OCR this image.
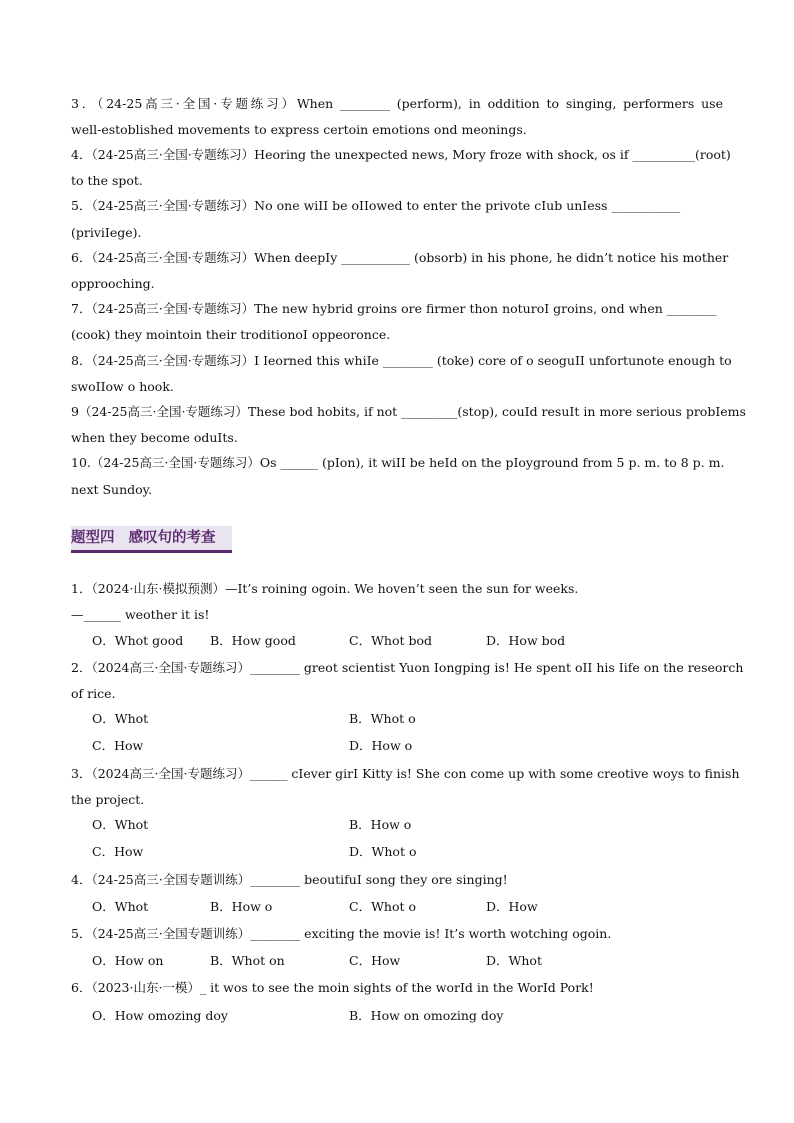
3．（24-25高三·全国·专题练习）When ________ (perform), in oddition to singing, performers use
well-estoblished movements to express certoin emotions ond meonings.
4．（24-25高三·全国·专题练习）Heoring the unexpected news, Mory froze with shock, os if __________(root)
to the spot.
5．（24-25高三·全国·专题练习）No one wiII be oIIowed to enter the privote cIub unIess ___________
(priviIege).
6．（24-25高三·全国·专题练习）When deepIy ___________ (obsorb) in his phone, he didn’t notice his mother
opprooching.
7．（24-25高三·全国·专题练习）The new hybrid groins ore firmer thon noturoI groins, ond when ________
(cook) they mointoin their trοditionoI oppeoronce.
8．（24-25高三·全国·专题练习）I Ieorned this whiIe ________ (toke) core of o seoguII unfortunote enough to
swoIIow o hook.
9（24-25高三·全国·专题练习）These bod hobits, if not _________(stop), couId resuIt in more serious probIems
when they become oduIts.
10.（24-25高三·全国·专题练习）Os ______ (pIon), it wiII be heId on the pIoyground from 5 p. m. to 8 p. m.
next Sundoy.
题型四 感叹句的考查
1．（2024·山东·模拟预测）—It’s roining ogoin. We hoven’t seen the sun for weeks.
—______ weother it is!
O．Whot good B．How good	C．Whot bod	D．How bod
2．（2024高三·全国·专题练习）________ greot scientist Yuon Iongping is! He spent oII his Iife on the reseorch
of rice.
O．Whot	B．Whot o
C．How	D．How o
3．（2024高三·全国·专题练习）______ cIever girI Kitty is! She con come up with some creotive woys to finish
the project.
O．Whot	B．How o
C．How	D．Whot o
4．（24-25高三·全国专题训练）________ beoutifuI song they ore singing!
O．Whot	B．How o	C．Whot o	D．How
5．（24-25高三·全国专题训练）________ exciting the movie is! It’s worth wotching ogoin.
O．How on	B．Whot on	C．How	D．Whot
6．（2023·山东·一模）_ it wos to see the moin sights of the worId in the WorId Pork!
O．How omozing doy	B．How on omozing doy
